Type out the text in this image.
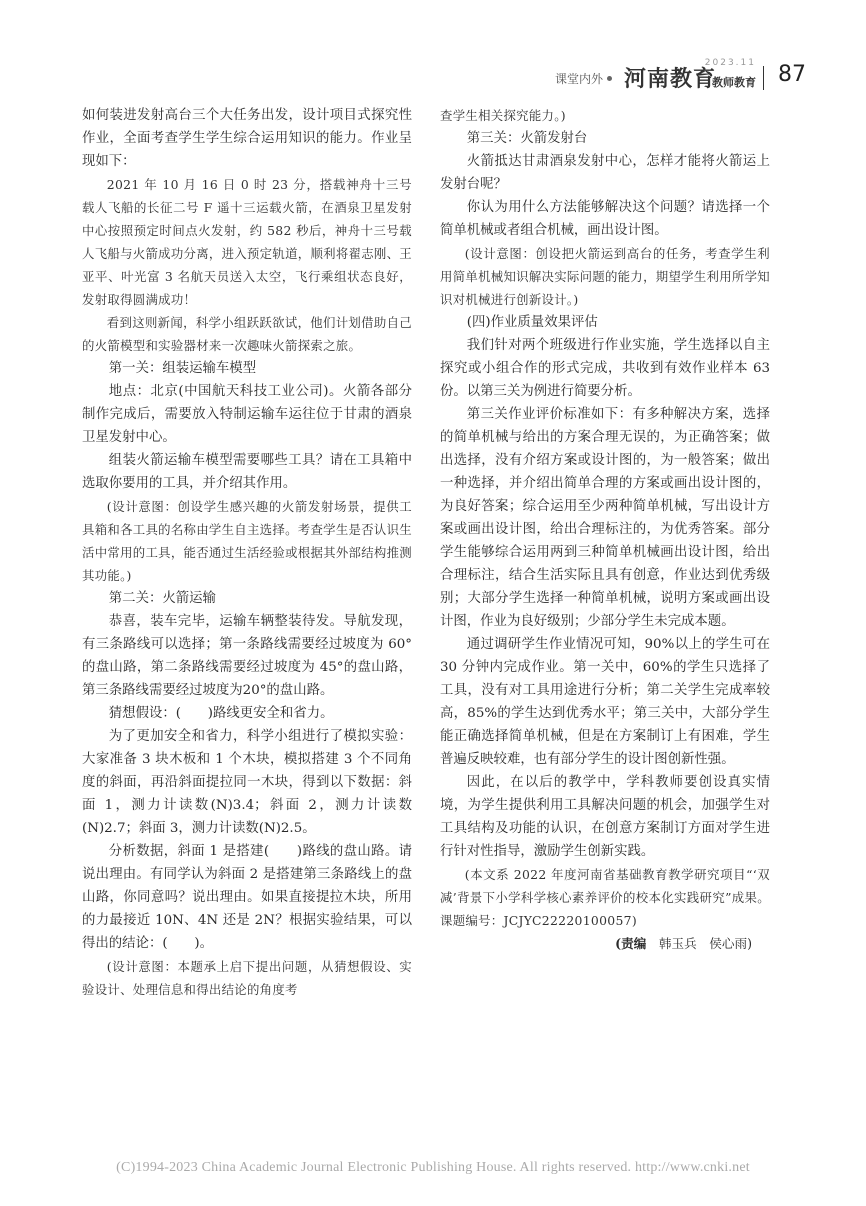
课堂内外 河南教育
2023.11
教师教育 87

如何装进发射高台三个大任务出发，设计项目式探究性作业，全面考查学生学生综合运用知识的能力。作业呈现如下：

2021 年 10 月 16 日 0 时 23 分，搭载神舟十三号载人飞船的长征二号 F 遥十三运载火箭，在酒泉卫星发射中心按照预定时间点火发射，约 582 秒后，神舟十三号载人飞船与火箭成功分离，进入预定轨道，顺利将翟志刚、王亚平、叶光富 3 名航天员送入太空，飞行乘组状态良好，发射取得圆满成功！

看到这则新闻，科学小组跃跃欲试，他们计划借助自己的火箭模型和实验器材来一次趣味火箭探索之旅。

第一关：组装运输车模型

地点：北京(中国航天科技工业公司)。火箭各部分制作完成后，需要放入特制运输车运往位于甘肃的酒泉卫星发射中心。

组装火箭运输车模型需要哪些工具？请在工具箱中选取你要用的工具，并介绍其作用。

(设计意图：创设学生感兴趣的火箭发射场景，提供工具箱和各工具的名称由学生自主选择。考查学生是否认识生活中常用的工具，能否通过生活经验或根据其外部结构推测其功能。)

第二关：火箭运输

恭喜，装车完毕，运输车辆整装待发。导航发现，有三条路线可以选择；第一条路线需要经过坡度为 60°的盘山路，第二条路线需要经过坡度为 45°的盘山路，第三条路线需要经过坡度为20°的盘山路。

猜想假设：(　　)路线更安全和省力。

为了更加安全和省力，科学小组进行了模拟实验：大家准备 3 块木板和 1 个木块，模拟搭建 3 个不同角度的斜面，再沿斜面提拉同一木块，得到以下数据：斜面 1，测力计读数(N)3.4；斜面 2，测力计读数(N)2.7；斜面 3，测力计读数(N)2.5。

分析数据，斜面 1 是搭建(　　)路线的盘山路。请说出理由。有同学认为斜面 2 是搭建第三条路线上的盘山路，你同意吗？说出理由。如果直接提拉木块，所用的力最接近 10N、4N 还是 2N？根据实验结果，可以得出的结论：(　　)。

(设计意图：本题承上启下提出问题，从猜想假设、实验设计、处理信息和得出结论的角度考

查学生相关探究能力。)

第三关：火箭发射台

火箭抵达甘肃酒泉发射中心，怎样才能将火箭运上发射台呢？

你认为用什么方法能够解决这个问题？请选择一个简单机械或者组合机械，画出设计图。

(设计意图：创设把火箭运到高台的任务，考查学生利用简单机械知识解决实际问题的能力，期望学生利用所学知识对机械进行创新设计。)

(四)作业质量效果评估

我们针对两个班级进行作业实施，学生选择以自主探究或小组合作的形式完成，共收到有效作业样本 63 份。以第三关为例进行简要分析。

第三关作业评价标准如下：有多种解决方案，选择的简单机械与给出的方案合理无误的，为正确答案；做出选择，没有介绍方案或设计图的，为一般答案；做出一种选择，并介绍出简单合理的方案或画出设计图的，为良好答案；综合运用至少两种简单机械，写出设计方案或画出设计图，给出合理标注的，为优秀答案。部分学生能够综合运用两到三种简单机械画出设计图，给出合理标注，结合生活实际且具有创意，作业达到优秀级别；大部分学生选择一种简单机械，说明方案或画出设计图，作业为良好级别；少部分学生未完成本题。

通过调研学生作业情况可知，90%以上的学生可在 30 分钟内完成作业。第一关中，60%的学生只选择了工具，没有对工具用途进行分析；第二关学生完成率较高，85%的学生达到优秀水平；第三关中，大部分学生能正确选择简单机械，但是在方案制订上有困难，学生普遍反映较难，也有部分学生的设计图创新性强。

因此，在以后的教学中，学科教师要创设真实情境，为学生提供利用工具解决问题的机会，加强学生对工具结构及功能的认识，在创意方案制订方面对学生进行针对性指导，激励学生创新实践。

(本文系 2022 年度河南省基础教育教学研究项目“‘双减’背景下小学科学核心素养评价的校本化实践研究”成果。课题编号：JCJYC22220100057)

(责编　 韩玉兵　侯心雨)

(C)1994-2023 China Academic Journal Electronic Publishing House. All rights reserved. http://www.cnki.net
